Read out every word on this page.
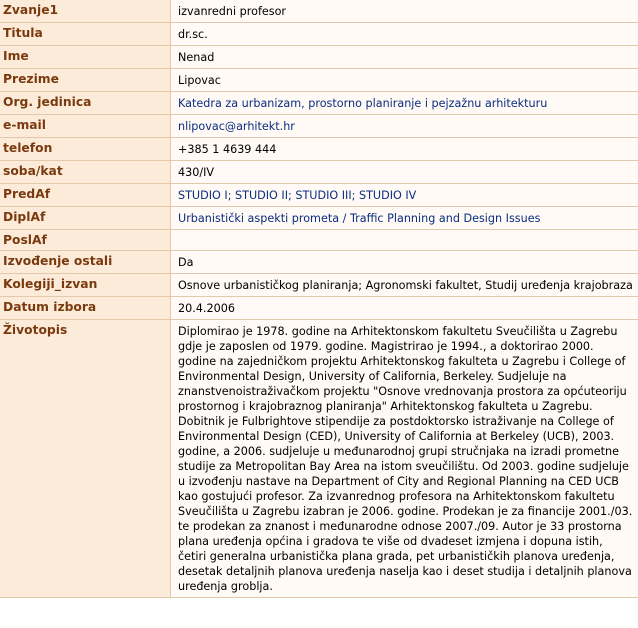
Zvanje1	izvanredni profesor
Titula	dr.sc.
Ime	Nenad
Prezime	Lipovac
Org. jedinica	Katedra za urbanizam, prostorno planiranje i pejzažnu arhitekturu
e-mail	nlipovac@arhitekt.hr
telefon	+385 1 4639 444
soba/kat	430/IV
PredAf	STUDIO I; STUDIO II; STUDIO III; STUDIO IV
DiplAf	Urbanistički aspekti prometa / Traffic Planning and Design Issues
PoslAf
Izvođenje ostali	Da
Kolegiji_izvan	Osnove urbanističkog planiranja; Agronomski fakultet, Studij uređenja krajobraza
Datum izbora	20.4.2006
Životopis	Diplomirao je 1978. godine na Arhitektonskom fakultetu Sveučilišta u Zagrebu gdje je zaposlen od 1979. godine. Magistrirao je 1994., a doktorirao 2000. godine na zajedničkom projektu Arhitektonskog fakulteta u Zagrebu i College of Environmental Design, University of California, Berkeley. Sudjeluje na znanstvenoistraživačkom projektu "Osnove vrednovanja prostora za općuteoriju prostornog i krajobraznog planiranja" Arhitektonskog fakulteta u Zagrebu. Dobitnik je Fulbrightove stipendije za postdoktorsko istraživanje na College of Environmental Design (CED), University of California at Berkeley (UCB), 2003. godine, a 2006. sudjeluje u međunarodnoj grupi stručnjaka na izradi prometne studije za Metropolitan Bay Area na istom sveučilištu. Od 2003. godine sudjeluje u izvođenju nastave na Department of City and Regional Planning na CED UCB kao gostujući profesor. Za izvanrednog profesora na Arhitektonskom fakultetu Sveučilišta u Zagrebu izabran je 2006. godine. Prodekan je za financije 2001./03. te prodekan za znanost i međunarodne odnose 2007./09. Autor je 33 prostorna plana uređenja općina i gradova te više od dvadeset izmjena i dopuna istih, četiri generalna urbanistička plana grada, pet urbanističkih planova uređenja, desetak detaljnih planova uređenja naselja kao i deset studija i detaljnih planova uređenja groblja.
